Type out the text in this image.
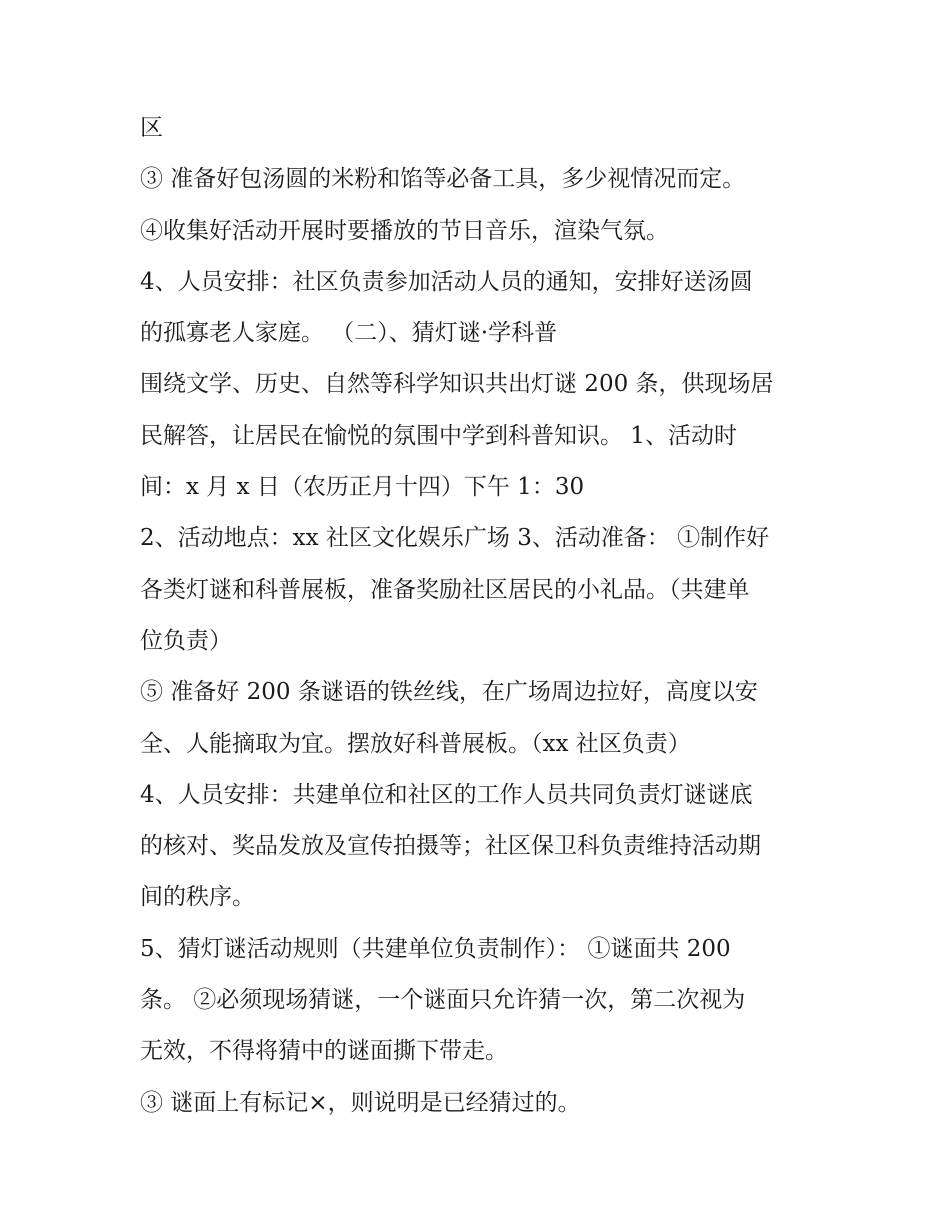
区
③ 准备好包汤圆的米粉和馅等必备工具，多少视情况而定。
④收集好活动开展时要播放的节日音乐，渲染气氛。
4、人员安排：社区负责参加活动人员的通知，安排好送汤圆
的孤寡老人家庭。 （二）、猜灯谜·学科普
围绕文学、历史、自然等科学知识共出灯谜 200 条，供现场居
民解答，让居民在愉悦的氛围中学到科普知识。 1、活动时
间：x 月 x 日（农历正月十四）下午 1：30
2、活动地点：xx 社区文化娱乐广场 3、活动准备： ①制作好
各类灯谜和科普展板，准备奖励社区居民的小礼品。（共建单
位负责）
⑤ 准备好 200 条谜语的铁丝线，在广场周边拉好，高度以安
全、人能摘取为宜。摆放好科普展板。（xx 社区负责）
4、人员安排：共建单位和社区的工作人员共同负责灯谜谜底
的核对、奖品发放及宣传拍摄等；社区保卫科负责维持活动期
间的秩序。
5、猜灯谜活动规则（共建单位负责制作）： ①谜面共 200
条。 ②必须现场猜谜，一个谜面只允许猜一次，第二次视为
无效，不得将猜中的谜面撕下带走。
③ 谜面上有标记×，则说明是已经猜过的。
